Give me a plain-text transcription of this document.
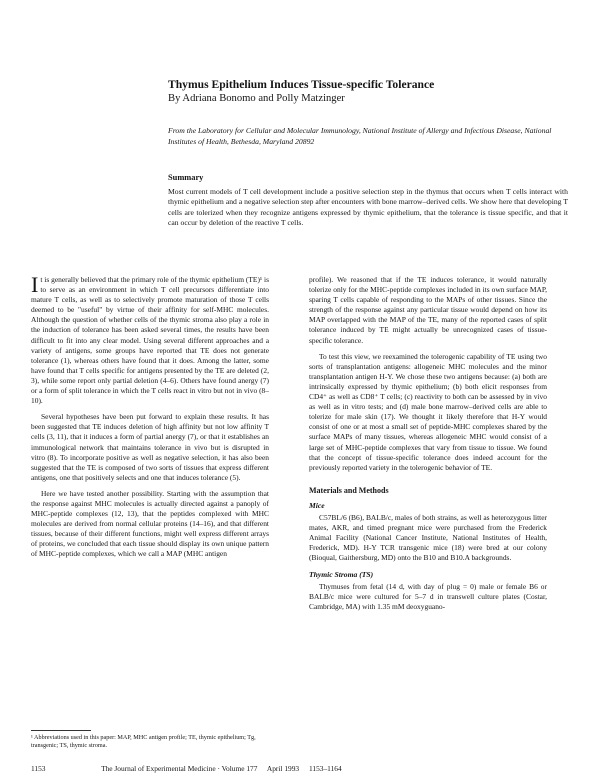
Thymus Epithelium Induces Tissue-specific Tolerance

By Adriana Bonomo and Polly Matzinger

From the Laboratory for Cellular and Molecular Immunology, National Institute of Allergy and Infectious Disease, National Institutes of Health, Bethesda, Maryland 20892

Summary

Most current models of T cell development include a positive selection step in the thymus that occurs when T cells interact with thymic epithelium and a negative selection step after encounters with bone marrow–derived cells. We show here that developing T cells are tolerized when they recognize antigens expressed by thymic epithelium, that the tolerance is tissue specific, and that it can occur by deletion of the reactive T cells.

It is generally believed that the primary role of the thymic epithelium (TE)¹ is to serve as an environment in which T cell precursors differentiate into mature T cells, as well as to selectively promote maturation of those T cells deemed to be "useful" by virtue of their affinity for self-MHC molecules. Although the question of whether cells of the thymic stroma also play a role in the induction of tolerance has been asked several times, the results have been difficult to fit into any clear model. Using several different approaches and a variety of antigens, some groups have reported that TE does not generate tolerance (1), whereas others have found that it does. Among the latter, some have found that T cells specific for antigens presented by the TE are deleted (2, 3), while some report only partial deletion (4–6). Others have found anergy (7) or a form of split tolerance in which the T cells react in vitro but not in vivo (8–10).

Several hypotheses have been put forward to explain these results. It has been suggested that TE induces deletion of high affinity but not low affinity T cells (3, 11), that it induces a form of partial anergy (7), or that it establishes an immunological network that maintains tolerance in vivo but is disrupted in vitro (8). To incorporate positive as well as negative selection, it has also been suggested that the TE is composed of two sorts of tissues that express different antigens, one that positively selects and one that induces tolerance (5).

Here we have tested another possibility. Starting with the assumption that the response against MHC molecules is actually directed against a panoply of MHC-peptide complexes (12, 13), that the peptides complexed with MHC molecules are derived from normal cellular proteins (14–16), and that different tissues, because of their different functions, might well express different arrays of proteins, we concluded that each tissue should display its own unique pattern of MHC-peptide complexes, which we call a MAP (MHC antigen

profile). We reasoned that if the TE induces tolerance, it would naturally tolerize only for the MHC-peptide complexes included in its own surface MAP, sparing T cells capable of responding to the MAPs of other tissues. Since the strength of the response against any particular tissue would depend on how its MAP overlapped with the MAP of the TE, many of the reported cases of split tolerance induced by TE might actually be unrecognized cases of tissue-specific tolerance.

To test this view, we reexamined the tolerogenic capability of TE using two sorts of transplantation antigens: allogeneic MHC molecules and the minor transplantation antigen H-Y. We chose these two antigens because: (a) both are intrinsically expressed by thymic epithelium; (b) both elicit responses from CD4⁺ as well as CD8⁺ T cells; (c) reactivity to both can be assessed by in vivo as well as in vitro tests; and (d) male bone marrow–derived cells are able to tolerize for male skin (17). We thought it likely therefore that H-Y would consist of one or at most a small set of peptide-MHC complexes shared by the surface MAPs of many tissues, whereas allogeneic MHC would consist of a large set of MHC-peptide complexes that vary from tissue to tissue. We found that the concept of tissue-specific tolerance does indeed account for the previously reported variety in the tolerogenic behavior of TE.

Materials and Methods
Mice

C57BL/6 (B6), BALB/c, males of both strains, as well as heterozygous litter mates, AKR, and timed pregnant mice were purchased from the Frederick Animal Facility (National Cancer Institute, National Institutes of Health, Frederick, MD). H-Y TCR transgenic mice (18) were bred at our colony (Bioqual, Gaithersburg, MD) onto the B10 and B10.A backgrounds.

Thymic Stroma (TS)

Thymuses from fetal (14 d, with day of plug = 0) male or female B6 or BALB/c mice were cultured for 5–7 d in transwell culture plates (Costar, Cambridge, MA) with 1.35 mM deoxyguano-

¹ Abbreviations used in this paper: MAP, MHC antigen profile; TE, thymic epithelium; Tg, transgenic; TS, thymic stroma.

1153	The Journal of Experimental Medicine · Volume 177 April 1993 1153–1164
